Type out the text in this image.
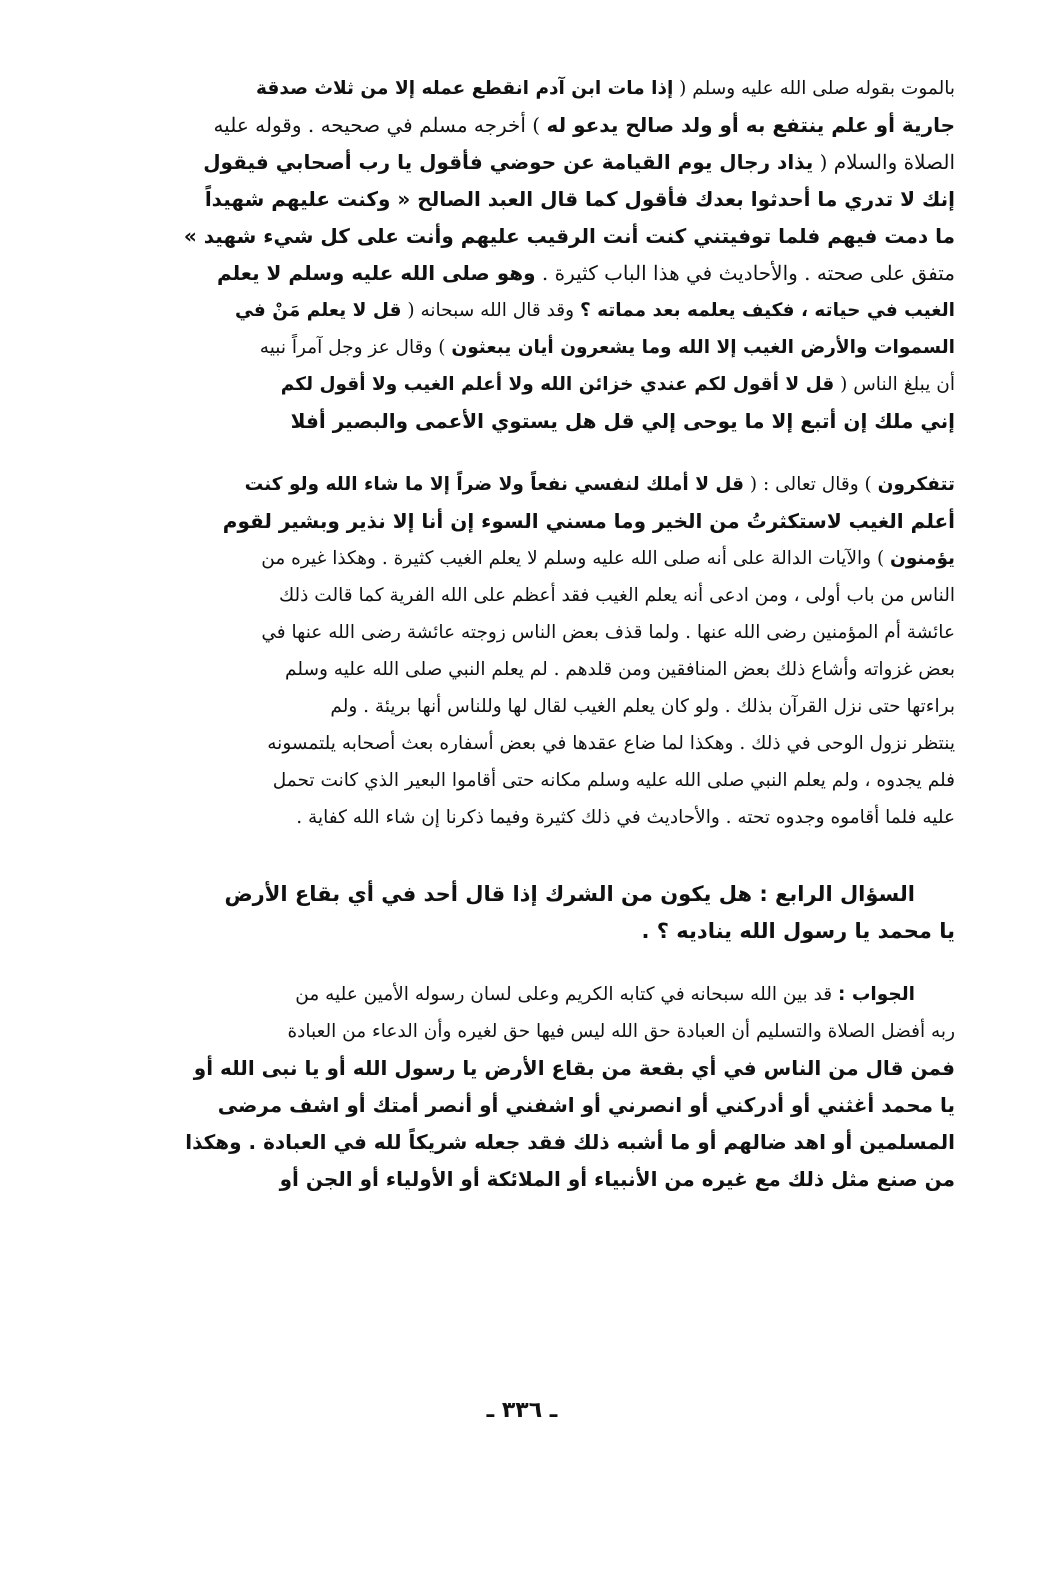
بالموت بقوله صلى الله عليه وسلم ( إذا مات ابن آدم انقطع عمله إلا من ثلاث صدقة
جارية أو علم ينتفع به أو ولد صالح يدعو له ) أخرجه مسلم في صحيحه . وقوله عليه
الصلاة والسلام ( يذاد رجال يوم القيامة عن حوضي فأقول يا رب أصحابي فيقول
إنك لا تدري ما أحدثوا بعدك فأقول كما قال العبد الصالح « وكنت عليهم شهيداً
ما دمت فيهم فلما توفيتني كنت أنت الرقيب عليهم وأنت على كل شيء شهيد »
متفق على صحته . والأحاديث في هذا الباب كثيرة . وهو صلى الله عليه وسلم لا يعلم
الغيب في حياته ، فكيف يعلمه بعد مماته ؟ وقد قال الله سبحانه ( قل لا يعلم مَنْ في
السموات والأرض الغيب إلا الله وما يشعرون أيان يبعثون ) وقال عز وجل آمراً نبيه
أن يبلغ الناس ( قل لا أقول لكم عندي خزائن الله ولا أعلم الغيب ولا أقول لكم
إني ملك إن أتبع إلا ما يوحى إلي قل هل يستوي الأعمى والبصير أفلا
تتفكرون ) وقال تعالى : ( قل لا أملك لنفسي نفعاً ولا ضراً إلا ما شاء الله ولو كنت
أعلم الغيب لاستكثرتُ من الخير وما مسني السوء إن أنا إلا نذير وبشير لقوم
يؤمنون ) والآيات الدالة على أنه صلى الله عليه وسلم لا يعلم الغيب كثيرة . وهكذا غيره من
الناس من باب أولى ، ومن ادعى أنه يعلم الغيب فقد أعظم على الله الفرية كما قالت ذلك
عائشة أم المؤمنين رضى الله عنها . ولما قذف بعض الناس زوجته عائشة رضى الله عنها في
بعض غزواته وأشاع ذلك بعض المنافقين ومن قلدهم . لم يعلم النبي صلى الله عليه وسلم
براءتها حتى نزل القرآن بذلك . ولو كان يعلم الغيب لقال لها وللناس أنها بريئة . ولم
ينتظر نزول الوحى في ذلك . وهكذا لما ضاع عقدها في بعض أسفاره بعث أصحابه يلتمسونه
فلم يجدوه ، ولم يعلم النبي صلى الله عليه وسلم مكانه حتى أقاموا البعير الذي كانت تحمل
عليه فلما أقاموه وجدوه تحته . والأحاديث في ذلك كثيرة وفيما ذكرنا إن شاء الله كفاية .
السؤال الرابع : هل يكون من الشرك إذا قال أحد في أي بقاع الأرض
يا محمد يا رسول الله يناديه ؟ .
الجواب : قد بين الله سبحانه في كتابه الكريم وعلى لسان رسوله الأمين عليه من
ربه أفضل الصلاة والتسليم أن العبادة حق الله ليس فيها حق لغيره وأن الدعاء من العبادة
فمن قال من الناس في أي بقعة من بقاع الأرض يا رسول الله أو يا نبى الله أو
يا محمد أغثني أو أدركني أو انصرني أو اشفني أو أنصر أمتك أو اشف مرضى
المسلمين أو اهد ضالهم أو ما أشبه ذلك فقد جعله شريكاً لله في العبادة . وهكذا
من صنع مثل ذلك مع غيره من الأنبياء أو الملائكة أو الأولياء أو الجن أو
ـ ٣٣٦ ـ
